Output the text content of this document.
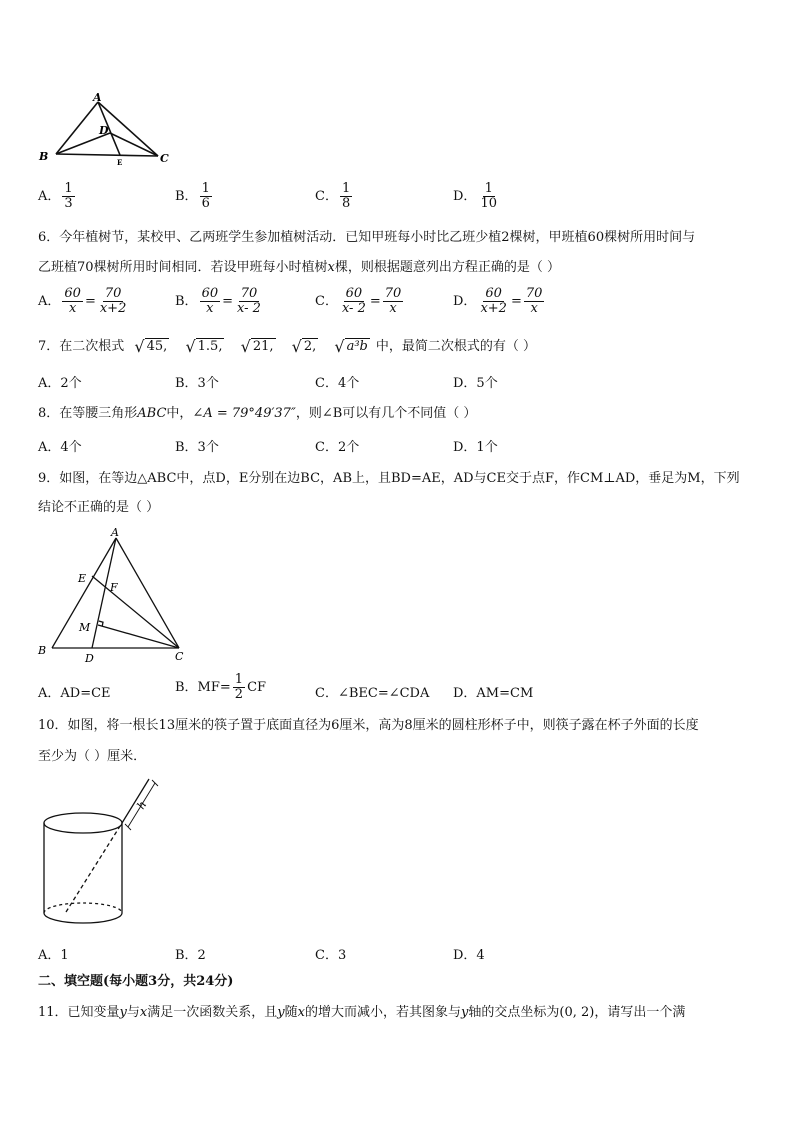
A
B	C
D
E
A． $\frac{1}{3}$	B． $\frac{1}{6}$	C． $\frac{1}{8}$	D． $\frac{1}{10}$
6．今年植树节，某校甲、乙两班学生参加植树活动．已知甲班每小时比乙班少植2棵树，甲班植60棵树所用时间与
乙班植70棵树所用时间相同．若设甲班每小时植树x棵，则根据题意列出方程正确的是（ ）
A． $\frac{60}{x} = \frac{70}{x+2}$	B． $\frac{60}{x} = \frac{70}{x- 2}$	C． $\frac{60}{x- 2} = \frac{70}{x}$	D． $\frac{60}{x+2} = \frac{70}{x}$
7．在二次根式 √ 45,
√ 1.5,
√ 21,
√ 2,
√ a³b 中，最简二次根式的有（ ）
A．2个	B．3个	C．4个	D．5个
8．在等腰三角形ABC中，∠A = 79°49′37″，则∠B可以有几个不同值（ ）
A．4个	B．3个	C．2个	D．1个
9．如图，在等边△ABC中，点D，E分别在边BC，AB上，且BD=AE，AD与CE交于点F，作CM⊥AD，垂足为M，下列
结论不正确的是（ ）
A
B	C
D
E
F
M
A．AD=CE	B．$MF= \frac{1}{2}$ CF	C．∠BEC=∠CDA D．AM=CM
10．如图，将一根长13厘米的筷子置于底面直径为6厘米，高为8厘米的圆柱形杯子中，则筷子露在杯子外面的长度
至少为（ ）厘米．
h
A．1	B．2	C．3	D．4
二、填空题(每小题3分，共24分)
11．已知变量y与x满足一次函数关系，且y随x的增大而减小，若其图象与y轴的交点坐标为(0, 2)，请写出一个满
